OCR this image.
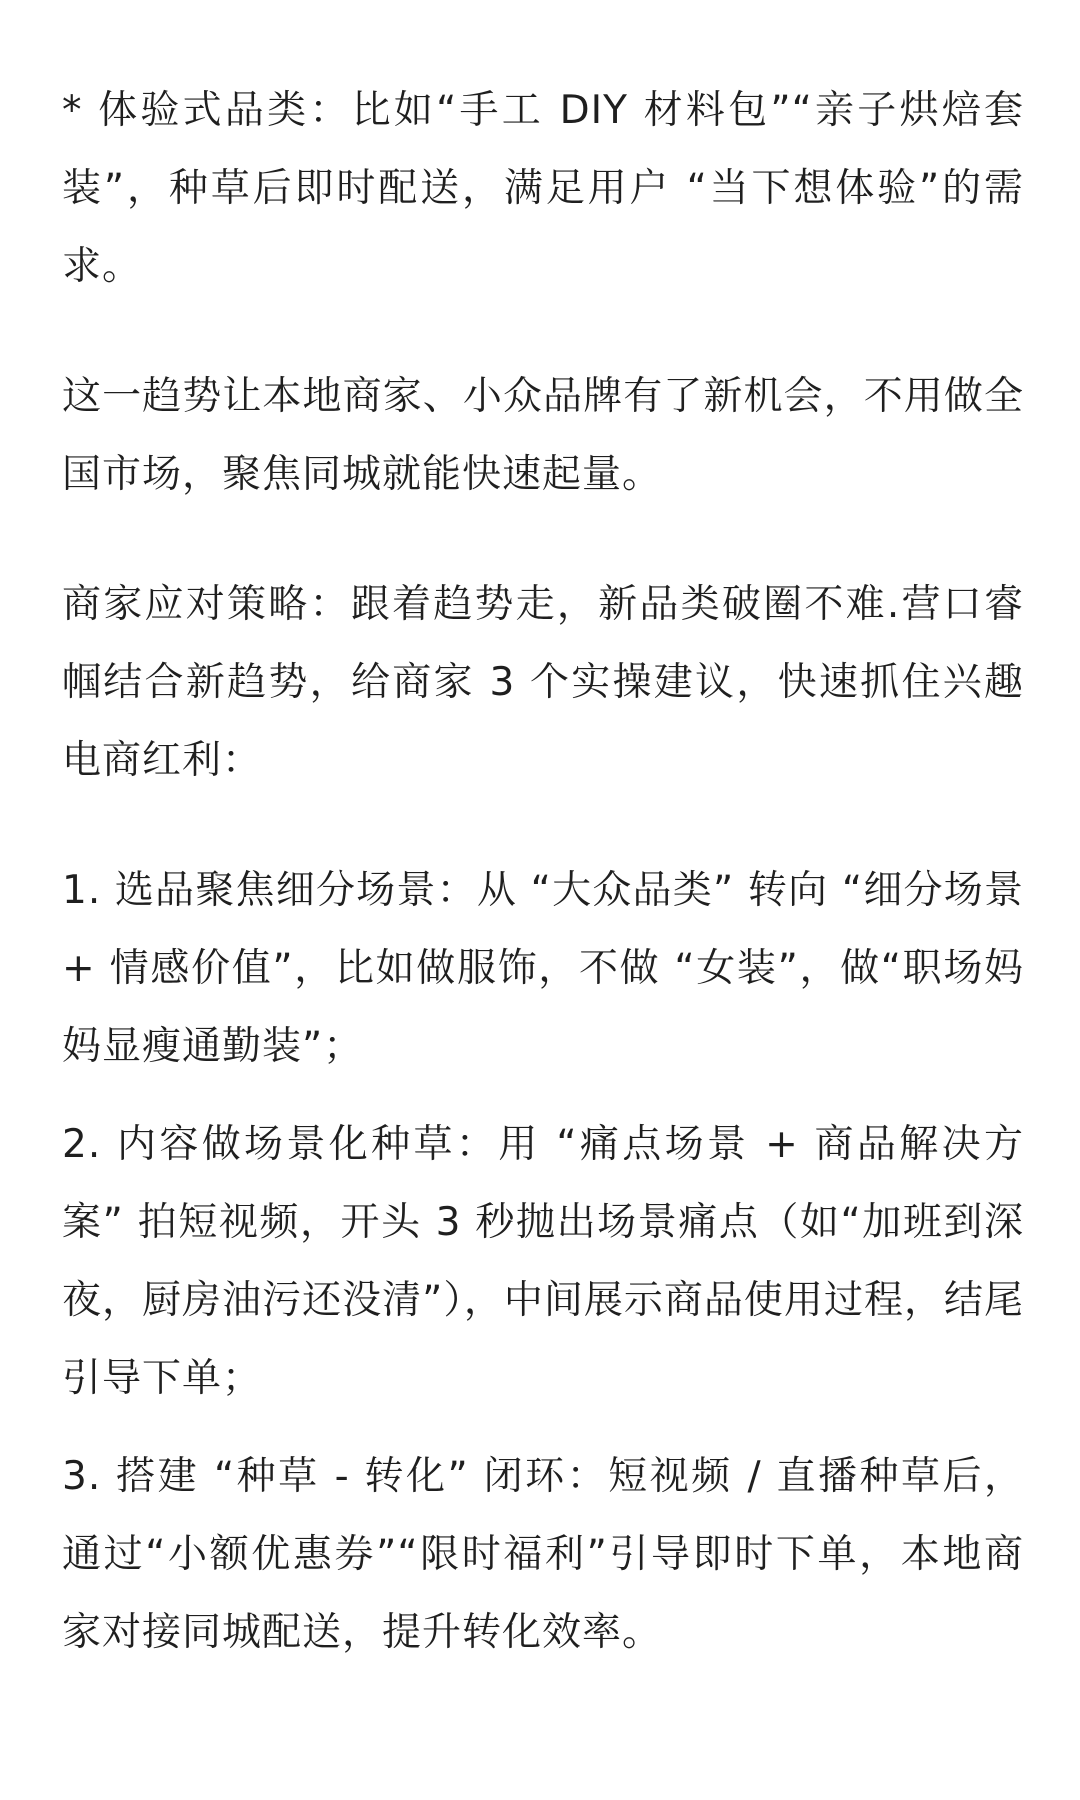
* 体验式品类：比如“手工 DIY 材料包”“亲子烘焙套装”，种草后即时配送，满足用户 “当下想体验”的需求。

这一趋势让本地商家、小众品牌有了新机会，不用做全国市场，聚焦同城就能快速起量。

商家应对策略：跟着趋势走，新品类破圈不难.营口睿帼结合新趋势，给商家 3 个实操建议，快速抓住兴趣电商红利：

1. 选品聚焦细分场景：从 “大众品类” 转向 “细分场景 + 情感价值”，比如做服饰，不做 “女装”，做“职场妈妈显瘦通勤装”；

2. 内容做场景化种草：用 “痛点场景 + 商品解决方案” 拍短视频，开头 3 秒抛出场景痛点（如“加班到深夜，厨房油污还没清”），中间展示商品使用过程，结尾引导下单；

3. 搭建 “种草 - 转化” 闭环：短视频 / 直播种草后，通过“小额优惠券”“限时福利”引导即时下单，本地商家对接同城配送，提升转化效率。
